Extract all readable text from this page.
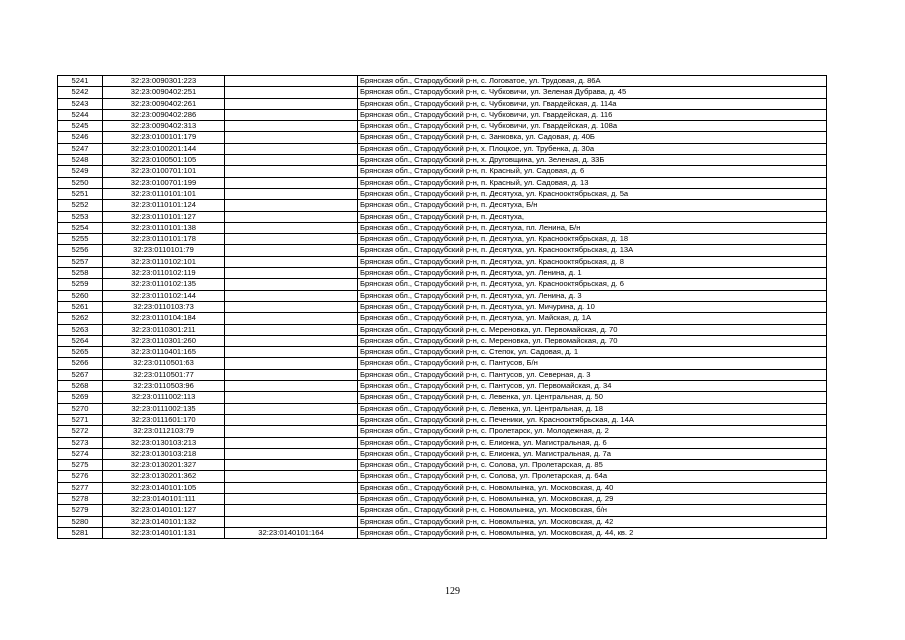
5241	32:23:0090301:223		Брянская обл., Стародубский р-н, с. Логоватое, ул. Трудовая, д. 86А
5242	32:23:0090402:251		Брянская обл., Стародубский р-н, с. Чубковичи, ул. Зеленая Дубрава, д. 45
5243	32:23:0090402:261		Брянская обл., Стародубский р-н, с. Чубковичи, ул. Гвардейская, д. 114а
5244	32:23:0090402:286		Брянская обл., Стародубский р-н, с. Чубковичи, ул. Гвардейская, д. 116
5245	32:23:0090402:313		Брянская обл., Стародубский р-н, с. Чубковичи, ул. Гвардейская, д. 108а
5246	32:23:0100101:179		Брянская обл., Стародубский р-н, с. Занковка, ул. Садовая, д. 40Б
5247	32:23:0100201:144		Брянская обл., Стародубский р-н, х. Плоцкое, ул. Трубенка, д. 30а
5248	32:23:0100501:105		Брянская обл., Стародубский р-н, х. Друговщина, ул. Зеленая, д. 33Б
5249	32:23:0100701:101		Брянская обл., Стародубский р-н, п. Красный, ул. Садовая, д. 6
5250	32:23:0100701:199		Брянская обл., Стародубский р-н, п. Красный, ул. Садовая, д. 13
5251	32:23:0110101:101		Брянская обл., Стародубский р-н, п. Десятуха, ул. Краснооктябрьская, д. 5а
5252	32:23:0110101:124		Брянская обл., Стародубский р-н, п. Десятуха, Б/н
5253	32:23:0110101:127		Брянская обл., Стародубский р-н, п. Десятуха,
5254	32:23:0110101:138		Брянская обл., Стародубский р-н, п. Десятуха, пл. Ленина, Б/н
5255	32:23:0110101:178		Брянская обл., Стародубский р-н, п. Десятуха, ул. Краснооктябрьская, д. 18
5256	32:23:0110101:79		Брянская обл., Стародубский р-н, п. Десятуха, ул. Краснооктябрьская, д. 13А
5257	32:23:0110102:101		Брянская обл., Стародубский р-н, п. Десятуха, ул. Краснооктябрьская, д. 8
5258	32:23:0110102:119		Брянская обл., Стародубский р-н, п. Десятуха, ул. Ленина, д. 1
5259	32:23:0110102:135		Брянская обл., Стародубский р-н, п. Десятуха, ул. Краснооктябрьская, д. 6
5260	32:23:0110102:144		Брянская обл., Стародубский р-н, п. Десятуха, ул. Ленина, д. 3
5261	32:23:0110103:73		Брянская обл., Стародубский р-н, п. Десятуха, ул. Мичурина, д. 10
5262	32:23:0110104:184		Брянская обл., Стародубский р-н, п. Десятуха, ул. Майская, д. 1А
5263	32:23:0110301:211		Брянская обл., Стародубский р-н, с. Мереновка, ул. Первомайская, д. 70
5264	32:23:0110301:260		Брянская обл., Стародубский р-н, с. Мереновка, ул. Первомайская, д. 70
5265	32:23:0110401:165		Брянская обл., Стародубский р-н, с. Степок, ул. Садовая, д. 1
5266	32:23:0110501:63		Брянская обл., Стародубский р-н, с. Пантусов, Б/н
5267	32:23:0110501:77		Брянская обл., Стародубский р-н, с. Пантусов, ул. Северная, д. 3
5268	32:23:0110503:96		Брянская обл., Стародубский р-н, с. Пантусов, ул. Первомайская, д. 34
5269	32:23:0111002:113		Брянская обл., Стародубский р-н, с. Левенка, ул. Центральная, д. 50
5270	32:23:0111002:135		Брянская обл., Стародубский р-н, с. Левенка, ул. Центральная, д. 18
5271	32:23:0111601:170		Брянская обл., Стародубский р-н, с. Печеники, ул. Краснооктябрьская, д. 14А
5272	32:23:0112103:79		Брянская обл., Стародубский р-н, с. Пролетарск, ул. Молодежная, д. 2
5273	32:23:0130103:213		Брянская обл., Стародубский р-н, с. Елионка, ул. Магистральная, д. 6
5274	32:23:0130103:218		Брянская обл., Стародубский р-н, с. Елионка, ул. Магистральная, д. 7а
5275	32:23:0130201:327		Брянская обл., Стародубский р-н, с. Солова, ул. Пролетарская, д. 85
5276	32:23:0130201:362		Брянская обл., Стародубский р-н, с. Солова, ул. Пролетарская, д. 64а
5277	32:23:0140101:105		Брянская обл., Стародубский р-н, с. Новомлынка, ул. Московская, д. 40
5278	32:23:0140101:111		Брянская обл., Стародубский р-н, с. Новомлынка, ул. Московская, д. 29
5279	32:23:0140101:127		Брянская обл., Стародубский р-н, с. Новомлынка, ул. Московская, б/н
5280	32:23:0140101:132		Брянская обл., Стародубский р-н, с. Новомлынка, ул. Московская, д. 42
5281	32:23:0140101:131	32:23:0140101:164	Брянская обл., Стародубский р-н, с. Новомлынка, ул. Московская, д. 44, кв. 2
129
